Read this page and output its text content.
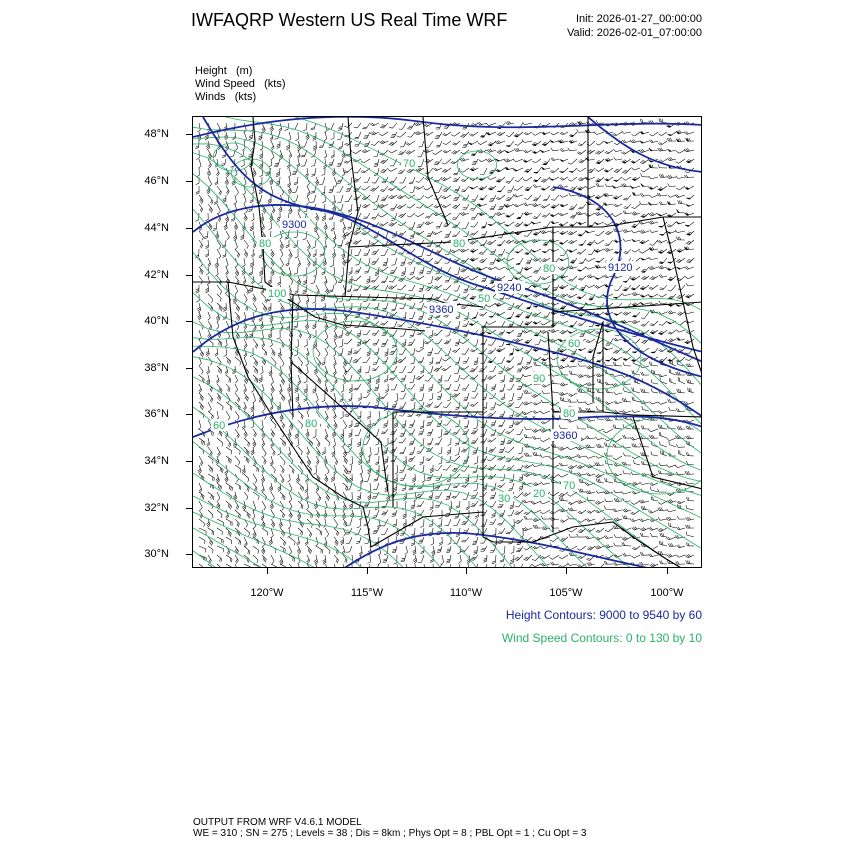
IWFAQRP Western US Real Time WRF	Init: 2026-01-27_00:00:00
Valid: 2026-02-01_07:00:00
Height (m)
Wind Speed (kts)
Winds (kts)
9300
9240
9360
9120
9360
80
100
60	80
70
80
80
50
60
80
20
30
70
90
48°N
46°N
44°N
42°N
40°N
38°N
36°N
34°N
32°N
30°N
120°W	115°W	110°W	105°W	100°W
Height Contours: 9000 to 9540 by 60
Wind Speed Contours: 0 to 130 by 10
OUTPUT FROM WRF V4.6.1 MODEL
WE = 310 ; SN = 275 ; Levels = 38 ; Dis = 8km ; Phys Opt = 8 ; PBL Opt = 1 ; Cu Opt = 3
